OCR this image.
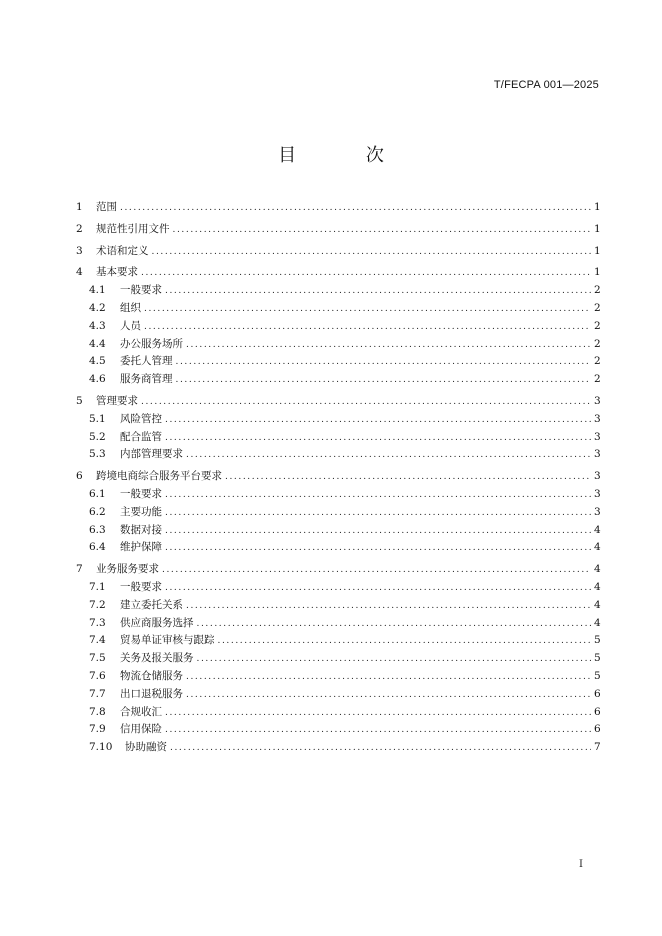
T/FECPA 001—2025
目 次
1	范围 .....	1
2	规范性引用文件 .....	1
3	术语和定义 .....	1
4	基本要求 .....	1
4.1	一般要求 .....	2
4.2	组织 .....	2
4.3	人员 .....	2
4.4	办公服务场所 .....	2
4.5	委托人管理 .....	2
4.6	服务商管理 .....	2
5	管理要求 .....	3
5.1	风险管控 .....	3
5.2	配合监管 .....	3
5.3	内部管理要求 .....	3
6	跨境电商综合服务平台要求 .....	3
6.1	一般要求 .....	3
6.2	主要功能 .....	3
6.3	数据对接 .....	4
6.4	维护保障 .....	4
7	业务服务要求 .....	4
7.1	一般要求 .....	4
7.2	建立委托关系 .....	4
7.3	供应商服务选择 .....	4
7.4	贸易单证审核与跟踪 .....	5
7.5	关务及报关服务 .....	5
7.6	物流仓储服务 .....	5
7.7	出口退税服务 .....	6
7.8	合规收汇 .....	6
7.9	信用保险 .....	6
7.10	协助融资 .....	7
I
